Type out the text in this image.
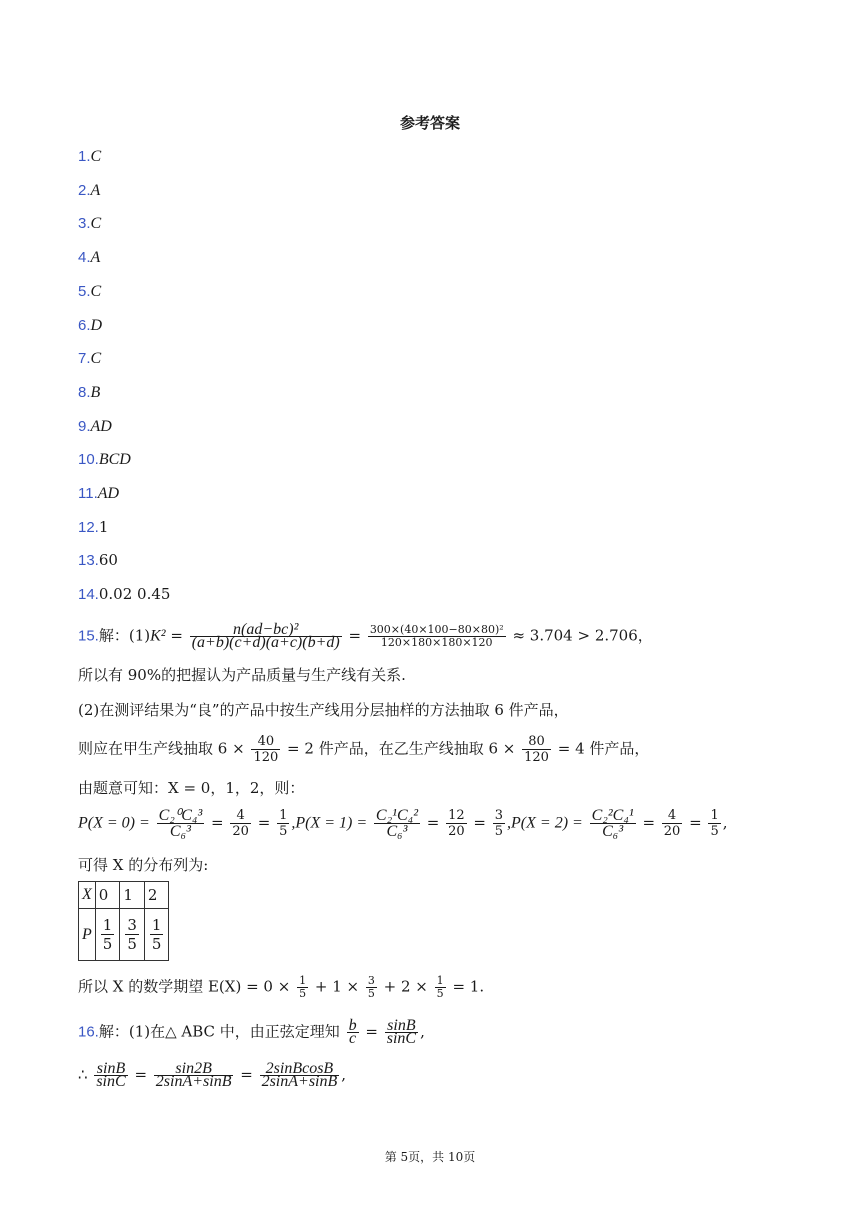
参考答案
1.C
2.A
3.C
4.A
5.C
6.D
7.C
8.B
9.AD
10.BCD
11.AD
12.1
13.60
14.0.02 0.45
15.解：$(1)K^2 = \frac{\text{n(ad−bc)²}}{(a+b)(c+d)(a+c)(b+d)} = \frac{\text{300×(40×100−80×80)²}}{120\times 180\times 180\times 120} \approx 3.704 > 2.706$，
所以有 90%的把握认为产品质量与生产线有关系.
(2)在测评结果为“良”的产品中按生产线用分层抽样的方法抽取 6 件产品，
则应在甲生产线抽取 $6 \times \frac{40}{120} = 2$ 件产品，在乙生产线抽取 $6 \times \frac{80}{120} = 4$ 件产品，
由题意可知：X = 0，1，2，则：
$P(X = 0) = \frac{\text{C₂⁰C₄³}}{\text{C₆³}} = \frac{4}{20} = \frac{1}{5} ,P(X = 1) = \frac{\text{C₂¹C₄²}}{\text{C₆³}} = \frac{12}{20} = \frac{3}{5} ,P(X = 2) = \frac{\text{C₂²C₄¹}}{\text{C₆³}} = \frac{4}{20} = \frac{1}{5}$ ,
可得 X 的分布列为:
X	0	1	2
P	$\frac{1}{5}$	$\frac{3}{5}$	$\frac{1}{5}$
所以 X 的数学期望 $E(X) = 0 \times \frac{1}{5} + 1 \times \frac{3}{5} + 2 \times \frac{1}{5} = 1$.
16.解：(1)在△ ABC 中，由正弦定理知 $\frac{b}{c} = \frac{\sin B}{\sin C}$ ,
∴ $\frac{\sin B}{\sin C} = \frac{\sin 2B}{2\sin A+\sin B} = \frac{\text{2sinBcosB}}{2\sin A+\sin B}$ ,
第 5页，共 10页
